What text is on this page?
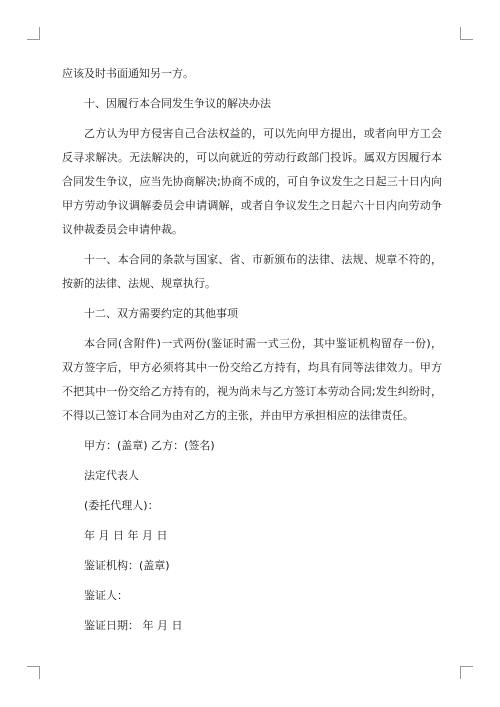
应该及时书面通知另一方。

十、因履行本合同发生争议的解决办法

乙方认为甲方侵害自己合法权益的，可以先向甲方提出，或者向甲方工会反寻求解决。无法解决的，可以向就近的劳动行政部门投诉。属双方因履行本合同发生争议，应当先协商解决;协商不成的，可自争议发生之日起三十日内向甲方劳动争议调解委员会申请调解，或者自争议发生之日起六十日内向劳动争议仲裁委员会申请仲裁。

十一、本合同的条款与国家、省、市新颁布的法律、法规、规章不符的，按新的法律、法规、规章执行。

十二、双方需要约定的其他事项

本合同(含附件)一式两份(鉴证时需一式三份，其中鉴证机构留存一份)，双方签字后，甲方必须将其中一份交给乙方持有，均具有同等法律效力。甲方不把其中一份交给乙方持有的，视为尚未与乙方签订本劳动合同;发生纠纷时，不得以己签订本合同为由对乙方的主张，并由甲方承担相应的法律责任。

甲方：(盖章) 乙方：(签名)
法定代表人
(委托代理人)：
年 月 日 年 月 日
鉴证机构：(盖章)
鉴证人：
鉴证日期： 年 月 日
